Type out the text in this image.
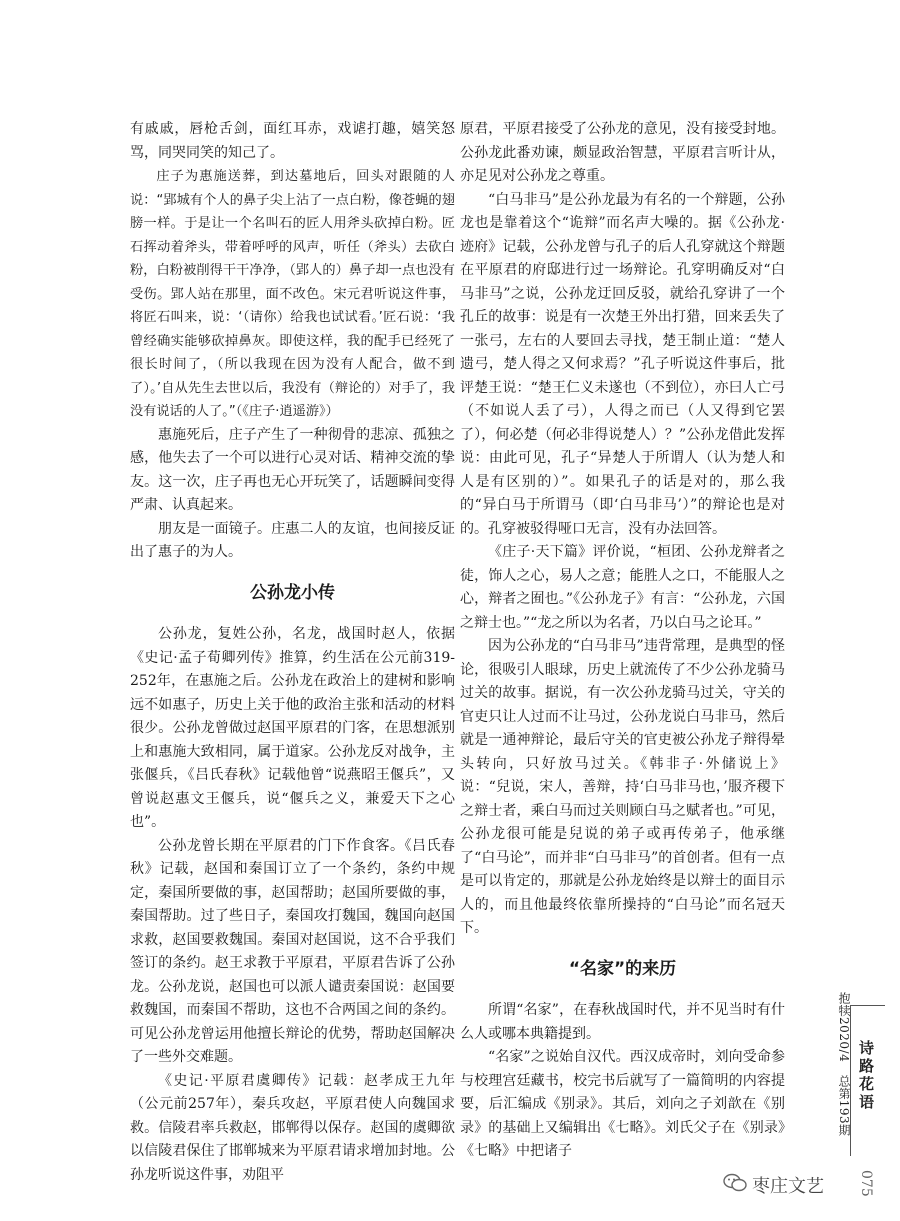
有戚戚，唇枪舌剑，面红耳赤，戏谑打趣，嬉笑怒骂，同哭同笑的知己了。

庄子为惠施送葬，到达墓地后，回头对跟随的人说：“郢城有个人的鼻子尖上沾了一点白粉，像苍蝇的翅膀一样。于是让一个名叫石的匠人用斧头砍掉白粉。匠石挥动着斧头，带着呼呼的风声，听任（斧头）去砍白粉，白粉被削得干干净净，（郢人的）鼻子却一点也没有受伤。郢人站在那里，面不改色。宋元君听说这件事，将匠石叫来，说：‘（请你）给我也试试看。’匠石说：‘我曾经确实能够砍掉鼻灰。即使这样，我的配手已经死了很长时间了，（所以我现在因为没有人配合，做不到了）。’自从先生去世以后，我没有（辩论的）对手了，我没有说话的人了。”（《庄子·逍遥游》）

惠施死后，庄子产生了一种彻骨的悲凉、孤独之感，他失去了一个可以进行心灵对话、精神交流的挚友。这一次，庄子再也无心开玩笑了，话题瞬间变得严肃、认真起来。

朋友是一面镜子。庄惠二人的友谊，也间接反证出了惠子的为人。

公孙龙小传

公孙龙，复姓公孙，名龙，战国时赵人，依据《史记·孟子荀卿列传》推算，约生活在公元前319-252年，在惠施之后。公孙龙在政治上的建树和影响远不如惠子，历史上关于他的政治主张和活动的材料很少。公孙龙曾做过赵国平原君的门客，在思想派别上和惠施大致相同，属于道家。公孙龙反对战争，主张偃兵，《吕氏春秋》记载他曾“说燕昭王偃兵”，又曾说赵惠文王偃兵，说“偃兵之义，兼爱天下之心也”。

公孙龙曾长期在平原君的门下作食客。《吕氏春秋》记载，赵国和秦国订立了一个条约，条约中规定，秦国所要做的事，赵国帮助；赵国所要做的事，秦国帮助。过了些日子，秦国攻打魏国，魏国向赵国求救，赵国要救魏国。秦国对赵国说，这不合乎我们签订的条约。赵王求教于平原君，平原君告诉了公孙龙。公孙龙说，赵国也可以派人谴责秦国说：赵国要救魏国，而秦国不帮助，这也不合两国之间的条约。可见公孙龙曾运用他擅长辩论的优势，帮助赵国解决了一些外交难题。

《史记·平原君虞卿传》记载：赵孝成王九年（公元前257年），秦兵攻赵，平原君使人向魏国求救。信陵君率兵救赵，邯郸得以保存。赵国的虞卿欲以信陵君保住了邯郸城来为平原君请求增加封地。公孙龙听说这件事，劝阻平

原君，平原君接受了公孙龙的意见，没有接受封地。公孙龙此番劝谏，颇显政治智慧，平原君言听计从，亦足见对公孙龙之尊重。

“白马非马”是公孙龙最为有名的一个辩题，公孙龙也是靠着这个“诡辩”而名声大噪的。据《公孙龙·迹府》记载，公孙龙曾与孔子的后人孔穿就这个辩题在平原君的府邸进行过一场辩论。孔穿明确反对“白马非马”之说，公孙龙迂回反驳，就给孔穿讲了一个孔丘的故事：说是有一次楚王外出打猎，回来丢失了一张弓，左右的人要回去寻找，楚王制止道：“楚人遗弓，楚人得之又何求焉？”孔子听说这件事后，批评楚王说：“楚王仁义未遂也（不到位），亦曰人亡弓（不如说人丢了弓），人得之而已（人又得到它罢了），何必楚（何必非得说楚人）？”公孙龙借此发挥说：由此可见，孔子“异楚人于所谓人（认为楚人和人是有区别的）”。如果孔子的话是对的，那么我的“异白马于所谓马（即‘白马非马’）”的辩论也是对的。孔穿被驳得哑口无言，没有办法回答。

《庄子·天下篇》评价说，“桓团、公孙龙辩者之徒，饰人之心，易人之意；能胜人之口，不能服人之心，辩者之囿也。”《公孙龙子》有言：“公孙龙，六国之辩士也。”“龙之所以为名者，乃以白马之论耳。”

因为公孙龙的“白马非马”违背常理，是典型的怪论，很吸引人眼球，历史上就流传了不少公孙龙骑马过关的故事。据说，有一次公孙龙骑马过关，守关的官吏只让人过而不让马过，公孙龙说白马非马，然后就是一通神辩论，最后守关的官吏被公孙龙子辩得晕头转向，只好放马过关。《韩非子·外储说上》说：“兒说，宋人，善辩，持‘白马非马也，’服齐稷下之辩士者，乘白马而过关则顾白马之赋者也。”可见，公孙龙很可能是兒说的弟子或再传弟子，他承继了“白马论”，而并非“白马非马”的首创者。但有一点是可以肯定的，那就是公孙龙始终是以辩士的面目示人的，而且他最终依靠所操持的“白马论”而名冠天下。

“名家”的来历

所谓“名家”，在春秋战国时代，并不见当时有什么人或哪本典籍提到。

“名家”之说始自汉代。西汉成帝时，刘向受命参与校理宫廷藏书，校完书后就写了一篇简明的内容提要，后汇编成《别录》。其后，刘向之子刘歆在《别录》的基础上又编辑出《七略》。刘氏父子在《别录》《七略》中把诸子

抱犊2020/4　总第193期 诗路花语
枣庄文艺 075
